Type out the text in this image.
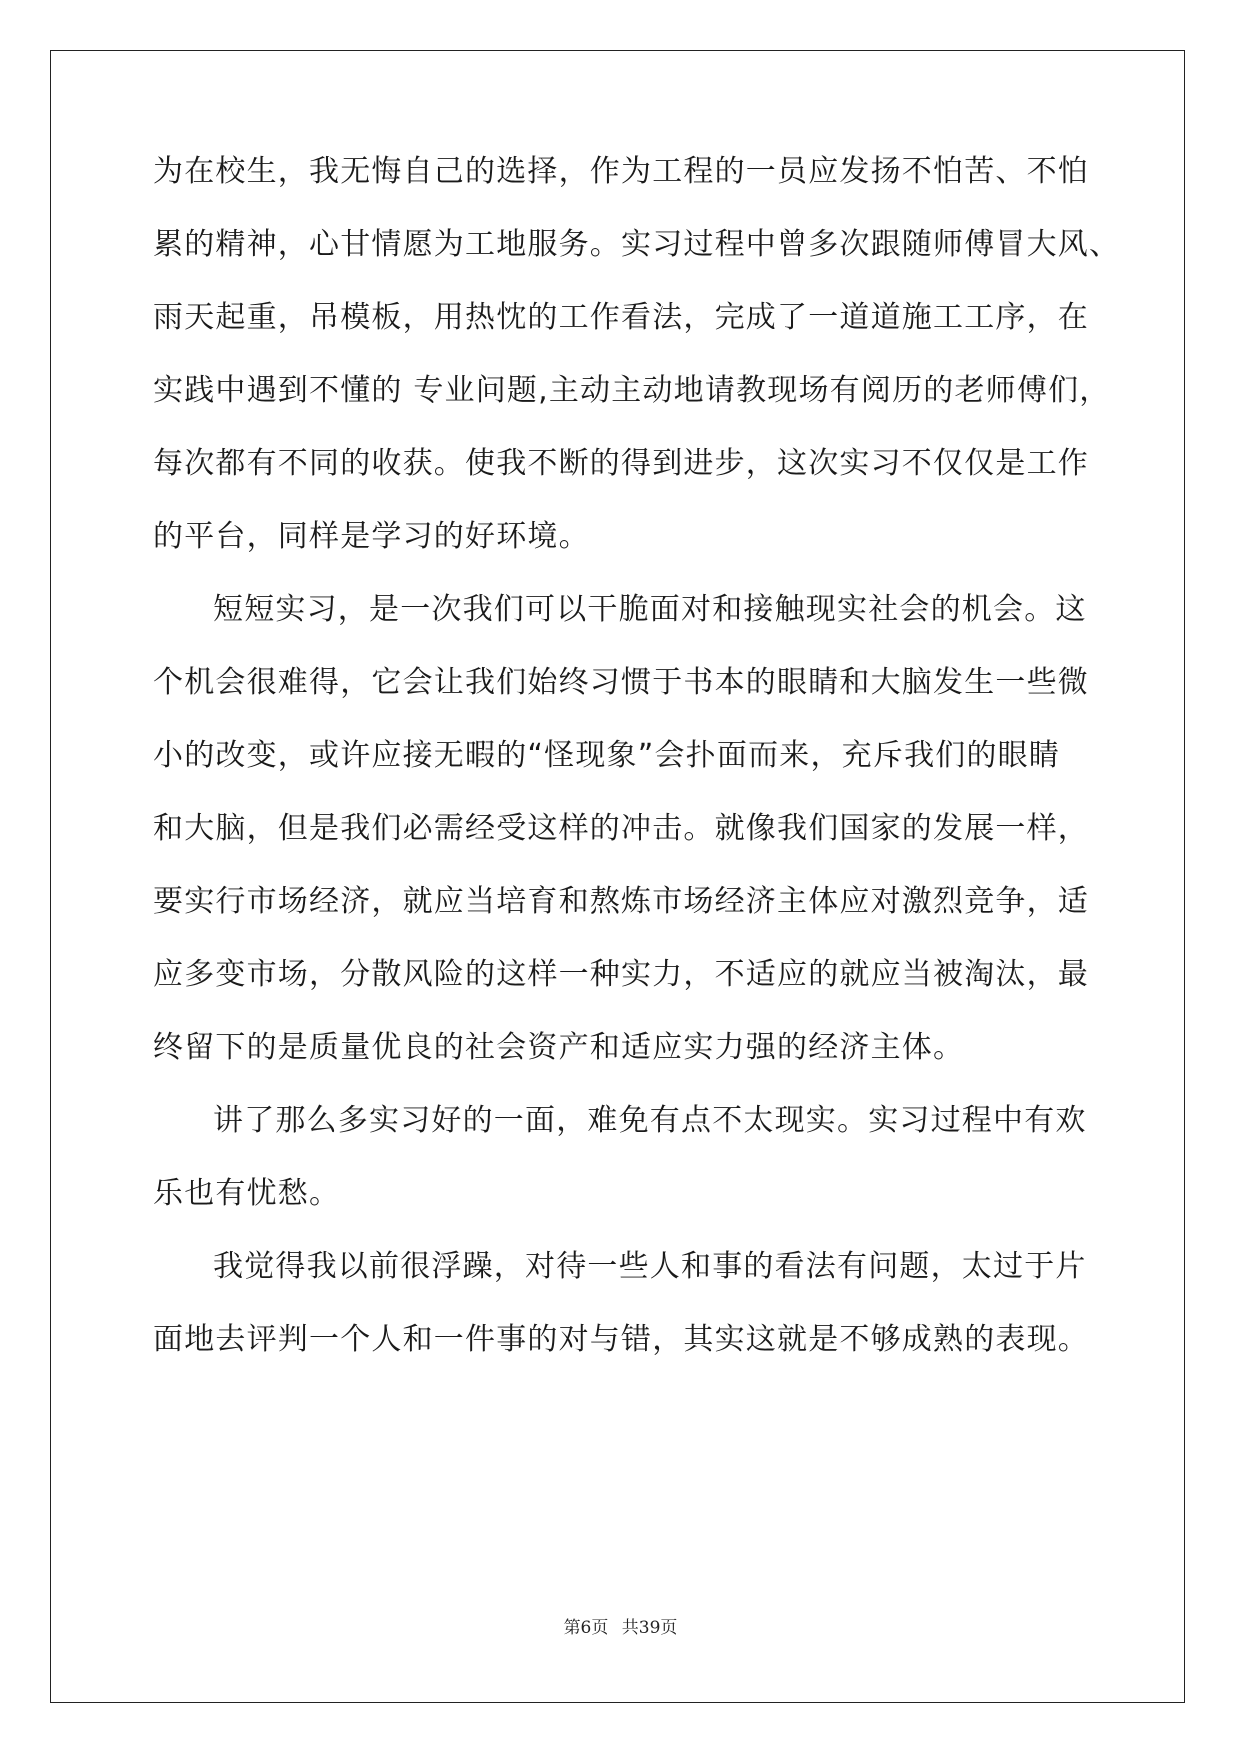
为在校生，我无悔自己的选择，作为工程的一员应发扬不怕苦、不怕
累的精神，心甘情愿为工地服务。实习过程中曾多次跟随师傅冒大风、
雨天起重，吊模板，用热忱的工作看法，完成了一道道施工工序，在
实践中遇到不懂的 专业问题,主动主动地请教现场有阅历的老师傅们，
每次都有不同的收获。使我不断的得到进步，这次实习不仅仅是工作
的平台，同样是学习的好环境。
短短实习，是一次我们可以干脆面对和接触现实社会的机会。这
个机会很难得，它会让我们始终习惯于书本的眼睛和大脑发生一些微
小的改变，或许应接无暇的“怪现象”会扑面而来，充斥我们的眼睛
和大脑，但是我们必需经受这样的冲击。就像我们国家的发展一样，
要实行市场经济，就应当培育和熬炼市场经济主体应对激烈竞争，适
应多变市场，分散风险的这样一种实力，不适应的就应当被淘汰，最
终留下的是质量优良的社会资产和适应实力强的经济主体。
讲了那么多实习好的一面，难免有点不太现实。实习过程中有欢
乐也有忧愁。
我觉得我以前很浮躁，对待一些人和事的看法有问题，太过于片
面地去评判一个人和一件事的对与错，其实这就是不够成熟的表现。
第6页 共39页
